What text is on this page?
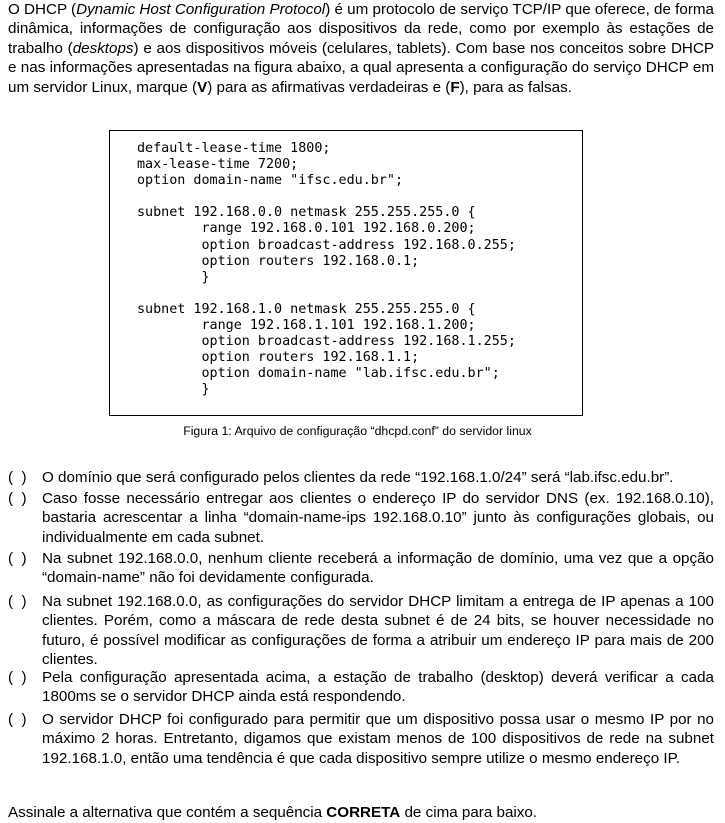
O DHCP (Dynamic Host Configuration Protocol) é um protocolo de serviço TCP/IP que oferece, de forma dinâmica, informações de configuração aos dispositivos da rede, como por exemplo às estações de trabalho (desktops) e aos dispositivos móveis (celulares, tablets). Com base nos conceitos sobre DHCP e nas informações apresentadas na figura abaixo, a qual apresenta a configuração do serviço DHCP em um servidor Linux, marque (V) para as afirmativas verdadeiras e (F), para as falsas.
default-lease-time 1800;
max-lease-time 7200;
option domain-name "ifsc.edu.br";

subnet 192.168.0.0 netmask 255.255.255.0 {
range 192.168.0.101 192.168.0.200;
option broadcast-address 192.168.0.255;
option routers 192.168.0.1;
}

subnet 192.168.1.0 netmask 255.255.255.0 {
range 192.168.1.101 192.168.1.200;
option broadcast-address 192.168.1.255;
option routers 192.168.1.1;
option domain-name "lab.ifsc.edu.br";
}
Figura 1: Arquivo de configuração “dhcpd.conf” do servidor linux
(  ) O domínio que será configurado pelos clientes da rede “192.168.1.0/24” será “lab.ifsc.edu.br”.
(  ) Caso fosse necessário entregar aos clientes o endereço IP do servidor DNS (ex. 192.168.0.10), bastaria acrescentar a linha “domain-name-ips 192.168.0.10” junto às configurações globais, ou individualmente em cada subnet.
(  ) Na subnet 192.168.0.0, nenhum cliente receberá a informação de domínio, uma vez que a opção “domain-name” não foi devidamente configurada.
(  ) Na subnet 192.168.0.0, as configurações do servidor DHCP limitam a entrega de IP apenas a 100 clientes. Porém, como a máscara de rede desta subnet é de 24 bits, se houver necessidade no futuro, é possível modificar as configurações de forma a atribuir um endereço IP para mais de 200 clientes.
(  ) Pela configuração apresentada acima, a estação de trabalho (desktop) deverá verificar a cada 1800ms se o servidor DHCP ainda está respondendo.
(  ) O servidor DHCP foi configurado para permitir que um dispositivo possa usar o mesmo IP por no máximo 2 horas. Entretanto, digamos que existam menos de 100 dispositivos de rede na subnet 192.168.1.0, então uma tendência é que cada dispositivo sempre utilize o mesmo endereço IP.
Assinale a alternativa que contém a sequência CORRETA de cima para baixo.
